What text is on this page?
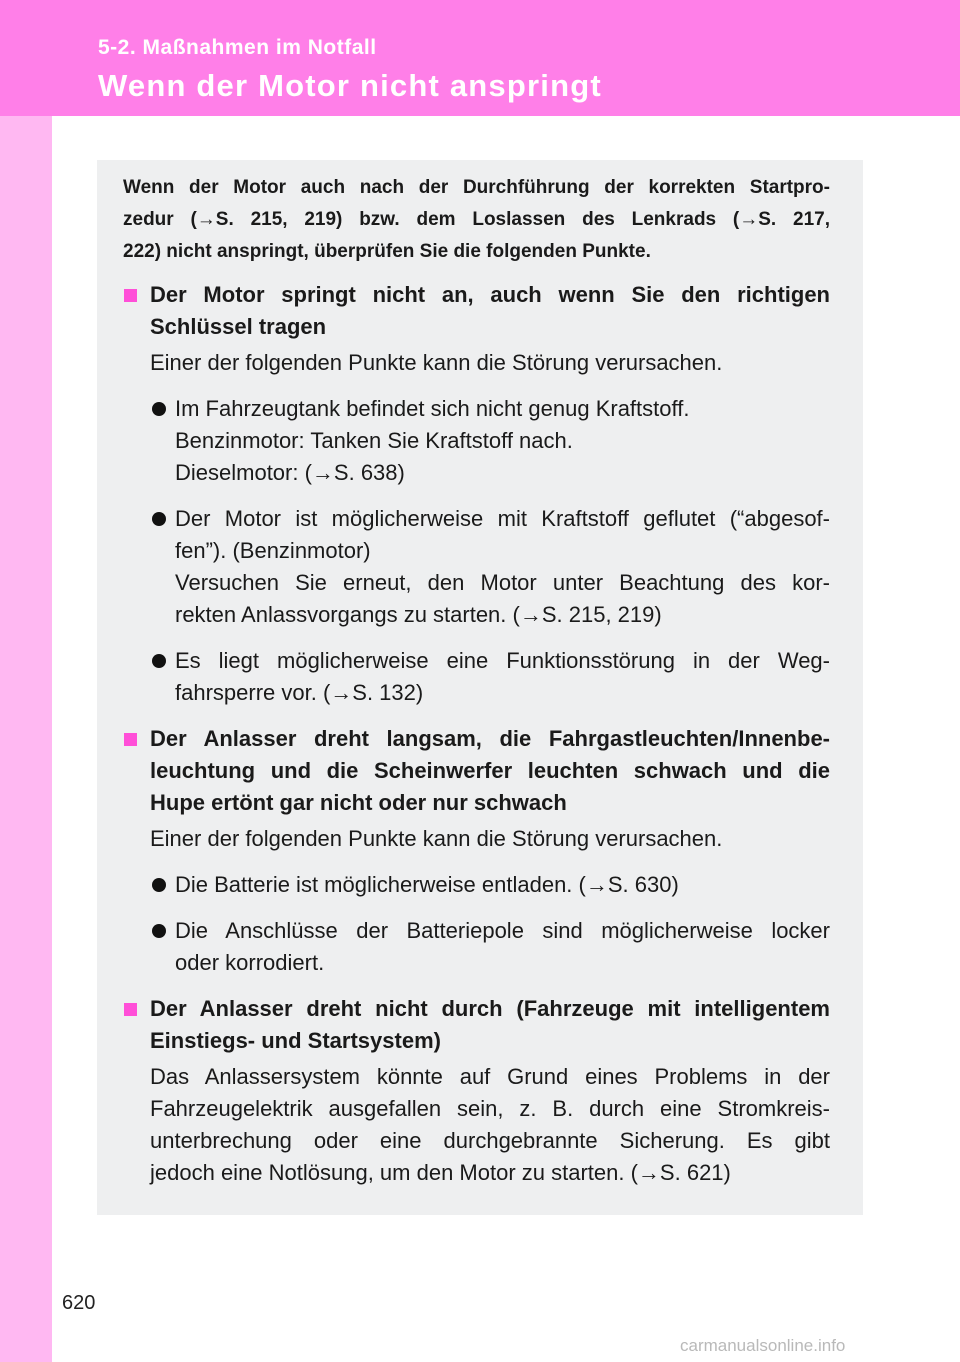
5-2. Maßnahmen im Notfall
Wenn der Motor nicht anspringt
Wenn der Motor auch nach der Durchführung der korrekten Startpro-
zedur (→S. 215, 219) bzw. dem Loslassen des Lenkrads (→S. 217,
222) nicht anspringt, überprüfen Sie die folgenden Punkte.
Der Motor springt nicht an, auch wenn Sie den richtigen
Schlüssel tragen
Einer der folgenden Punkte kann die Störung verursachen.
Im Fahrzeugtank befindet sich nicht genug Kraftstoff.
Benzinmotor: Tanken Sie Kraftstoff nach.
Dieselmotor: (→S. 638)
Der Motor ist möglicherweise mit Kraftstoff geflutet (“abgesof-
fen”). (Benzinmotor)
Versuchen Sie erneut, den Motor unter Beachtung des kor-
rekten Anlassvorgangs zu starten. (→S. 215, 219)
Es liegt möglicherweise eine Funktionsstörung in der Weg-
fahrsperre vor. (→S. 132)
Der Anlasser dreht langsam, die Fahrgastleuchten/Innenbe-
leuchtung und die Scheinwerfer leuchten schwach und die
Hupe ertönt gar nicht oder nur schwach
Einer der folgenden Punkte kann die Störung verursachen.
Die Batterie ist möglicherweise entladen. (→S. 630)
Die Anschlüsse der Batteriepole sind möglicherweise locker
oder korrodiert.
Der Anlasser dreht nicht durch (Fahrzeuge mit intelligentem
Einstiegs- und Startsystem)
Das Anlassersystem könnte auf Grund eines Problems in der
Fahrzeugelektrik ausgefallen sein, z. B. durch eine Stromkreis-
unterbrechung oder eine durchgebrannte Sicherung. Es gibt
jedoch eine Notlösung, um den Motor zu starten. (→S. 621)
620
carmanualsonline.info
